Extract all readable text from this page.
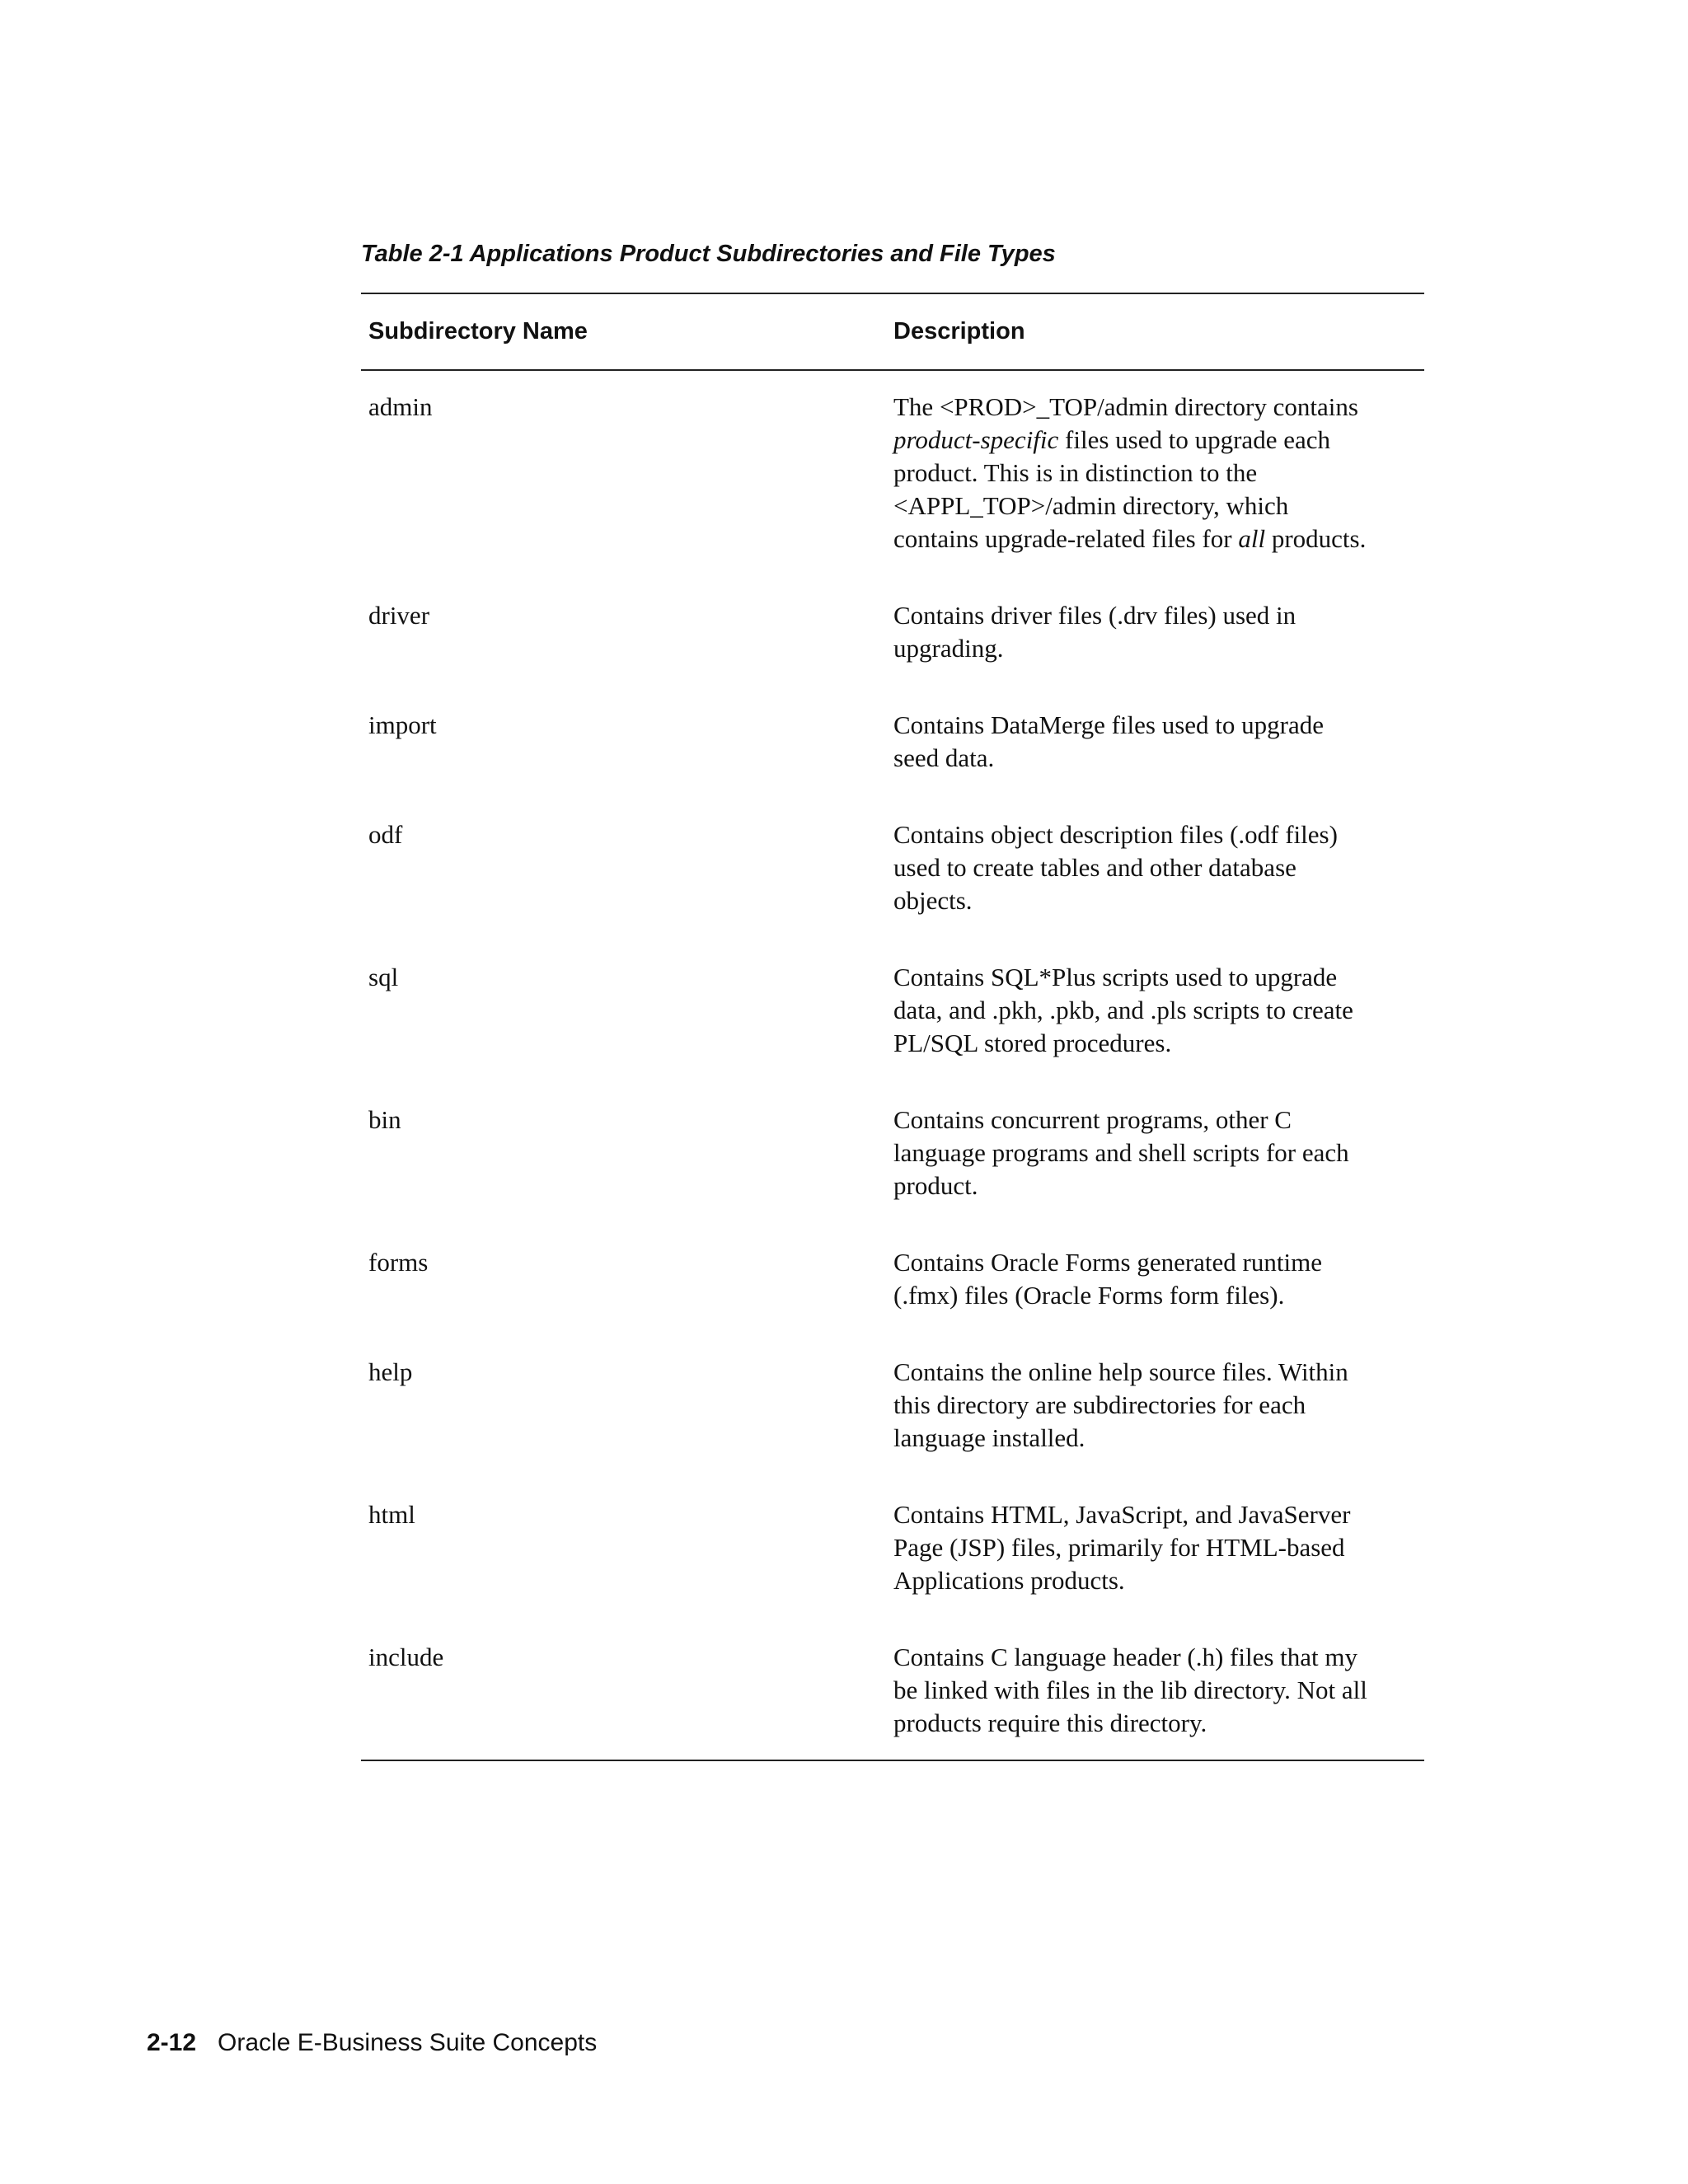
Table 2-1 Applications Product Subdirectories and File Types
Subdirectory Name	Description
admin	The <PROD>_TOP/admin directory contains
product-specific files used to upgrade each
product. This is in distinction to the
<APPL_TOP>/admin directory, which
contains upgrade-related files for all products.
driver	Contains driver files (.drv files) used in
upgrading.
import	Contains DataMerge files used to upgrade
seed data.
odf	Contains object description files (.odf files)
used to create tables and other database
objects.
sql	Contains SQL*Plus scripts used to upgrade
data, and .pkh, .pkb, and .pls scripts to create
PL/SQL stored procedures.
bin	Contains concurrent programs, other C
language programs and shell scripts for each
product.
forms	Contains Oracle Forms generated runtime
(.fmx) files (Oracle Forms form files).
help	Contains the online help source files. Within
this directory are subdirectories for each
language installed.
html	Contains HTML, JavaScript, and JavaServer
Page (JSP) files, primarily for HTML-based
Applications products.
include	Contains C language header (.h) files that my
be linked with files in the lib directory. Not all
products require this directory.
2-12 Oracle E-Business Suite Concepts
